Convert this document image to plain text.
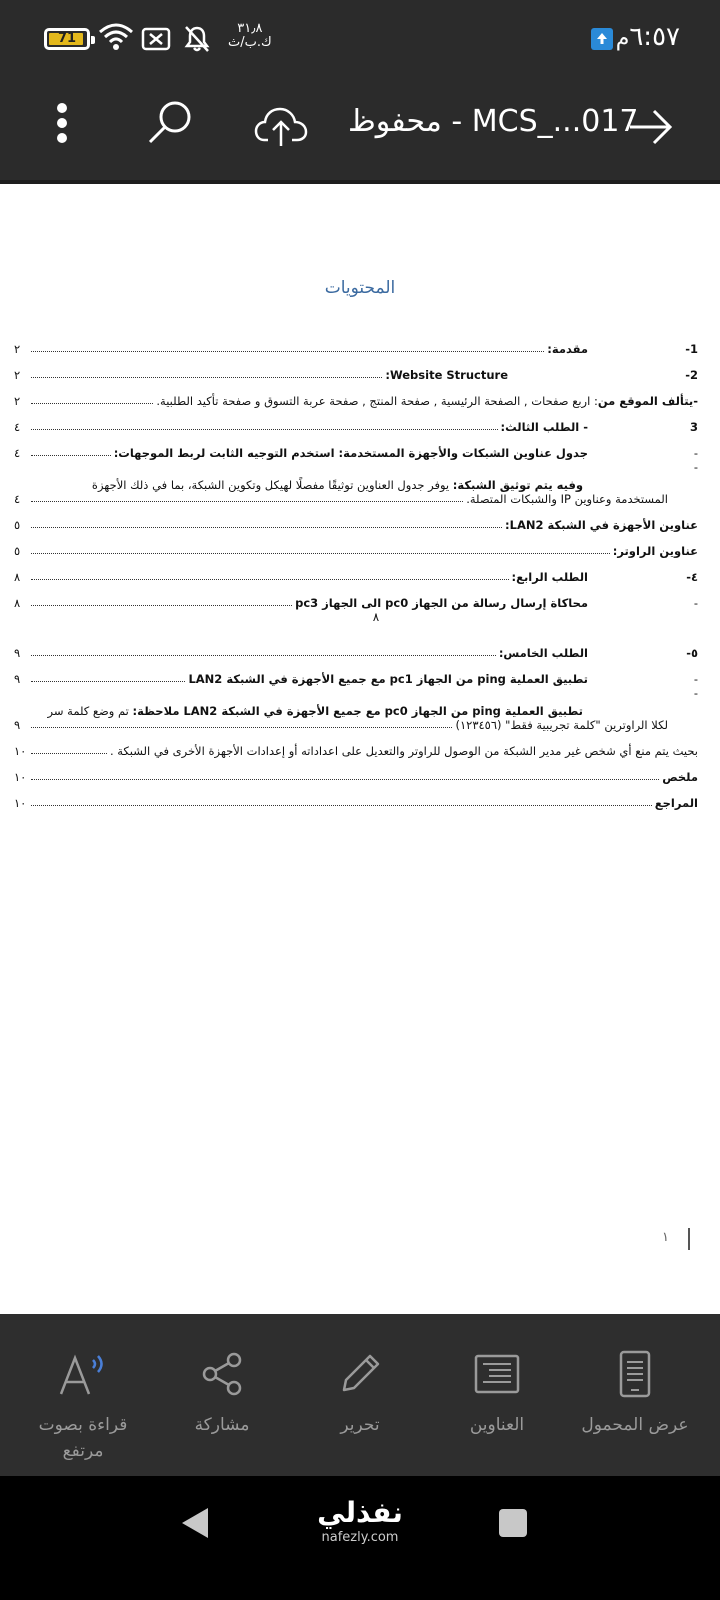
٦:٥٧م
٣١٫٨
ك.ب/ث
71
MCS_...017 - محفوظ
المحتويات
1-
مقدمة:
٢
2-
Website Structure:
٢
-يتألف الموقع من: اربع صفحات , الصفحة الرئيسية , صفحة المنتج , صفحة عربة التسوق و صفحة تأكيد الطلبية.
٢
3
- الطلب الثالث:
٤
-
جدول عناوين الشبكات والأجهزة المستخدمة: استخدم التوجيه الثابت لربط الموجهات:
٤
-
وفيه يتم توثيق الشبكة: يوفر جدول العناوين توثيقًا مفصلًا لهيكل وتكوين الشبكة، بما في ذلك الأجهزة
المستخدمة وعناوين IP والشبكات المتصلة.
٤
عناوين الأجهزة في الشبكة LAN2:
٥
عناوين الراوتر:
٥
٤-
الطلب الرابع:
٨
-
محاكاة إرسال رسالة من الجهاز pc0 الى الجهاز pc3
٨
٨
٥-
الطلب الخامس:
٩
-
تطبيق العملية ping من الجهاز pc1 مع جميع الأجهزة في الشبكة LAN2
٩
-
تطبيق العملية ping من الجهاز pc0 مع جميع الأجهزة في الشبكة LAN2 ملاحظة: تم وضع كلمة سر
لكلا الراوترين "كلمة تجريبية فقط" (١٢٣٤٥٦)
٩
بحيث يتم منع أي شخص غير مدير الشبكة من الوصول للراوتر والتعديل على اعداداته أو إعدادات الأجهزة الأخرى في الشبكة .
١٠
ملخص
١٠
المراجع
١٠
١
عرض المحمول
العناوين
تحرير
مشاركة
قراءة بصوت مرتفع
نفذلي
nafezly.com
